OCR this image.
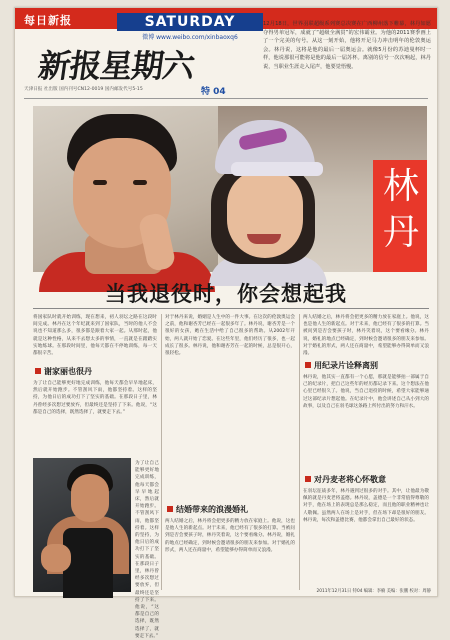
每日新报	SATURDAY
微博 www.weibo.com/xinbaoxq6
新报星期六
天津日报 社出版 国内刊号CN12-0019 国内邮发代号5-15	特 04
12月18日，世界羽联超级系列赛总决赛在广西柳州落下帷幕，林丹如愿夺得男单冠军，成就了“超级全满贯”的宏伟霸业。为他的2011赛季画上了一个完美的句号。从这一刻开始，他将开足马力冲击明年的伦敦奥运会。林丹说，这将是他的最后一届奥运会。就像5月份的苏迪曼杯时一样，他说那很可能将是他的最后一届苏杯。离别的信号一次次响起，林丹说，当职业生涯走入尾声，他要觉悟慢。
林丹
当我退役时，你会想起我
将国家队时就开始训练，现在想来，初人羽坛之路在这段时间完成。林丹在这个年纪就来到了国家队，当时的他人不会说也不知道那么多，很多都是跟着大家一起。从那时起，他就是这种性格，从来不去想太多的事情，一直就是在踏踏实实地练球。在那段时间里，他每天都在不停地训练，每一天都很辛苦。
谢家丽也很丹
为了让自己能够更好地完成训练，他每天都会早早地起床，然后就开始跑步。不管刮风下雨，他都坚持着。这样的坚持，为他日后的成功打下了坚实的基础。在那段日子里，林丹曾经多次想过要放弃，但最终还是坚持了下来。他说，“这都是自己的选择，既然选择了，就要走下去。”
为了让自己能够更好地完成训练，他每天都会早早地起床，然后就开始跑步。不管刮风下雨，他都坚持着。这样的坚持，为他日后的成功打下了坚实的基础。在那段日子里，林丹曾经多次想过要放弃，但最终还是坚持了下来。他说，“这都是自己的选择，既然选择了，就要走下去。”
对于林丹来说，婚姻是人生中的一件大事。在这次的伦敦奥运会之前，他和谢杏芳已经在一起很多年了。林丹说，谢杏芳是一个很好的女孩，她在生活中给了自己很多的帮助。从2002年开始，两人就开始了恋爱。在这些年里，他们经历了很多，也一起成长了很多。林丹说，他和谢杏芳在一起的时候，总是很开心，很轻松。
结婚带来的浪漫婚礼
两人结婚之后，林丹将会把更多的精力放在家庭上。他说，这也是他人生的新起点。对于未来，他已经有了很多的打算。当被问到是否会要孩子时，林丹笑着说，这个要看缘分。林丹说，婚礼的地点已经确定，到时候会邀请很多的朋友来参加。对于婚礼的形式，两人还在商量中，希望能够办得简单而又浪漫。
两人结婚之后，林丹将会把更多的精力放在家庭上。他说，这也是他人生的新起点。对于未来，他已经有了很多的打算。当被问到是否会要孩子时，林丹笑着说，这个要看缘分。林丹说，婚礼的地点已经确定，到时候会邀请很多的朋友来参加。对于婚礼的形式，两人还在商量中，希望能够办得简单而又浪漫。
用纪录片诠释离别
林丹说，他其实一直都有一个心愿，那就是能够拍一部属于自己的纪录片，把自己这些年的经历都记录下来。这个想法在他心里已经很久了。他说，当自己退役的时候，希望大家能够通过这部纪录片想起他。在纪录片中，他会讲述自己从小到大的故事，以及自己在羽毛球这条路上所付出的努力和汗水。
对丹麦老将心怀敬意
在羽坛征战多年，林丹遇到过很多的对手。其中，让他最为敬佩的就是丹麦老将盖德。林丹说，盖德是一个非常值得尊敬的对手，他在场上的表现总是那么稳定，而且他的职业精神也让人敬佩。虽然两人在场上是对手，但在场下却是很好的朋友。林丹说，每次和盖德比赛，他都会拿出自己最好的状态。
2011年12月31日 特04 编辑：李楠 美编：张鹏 校对：周静
